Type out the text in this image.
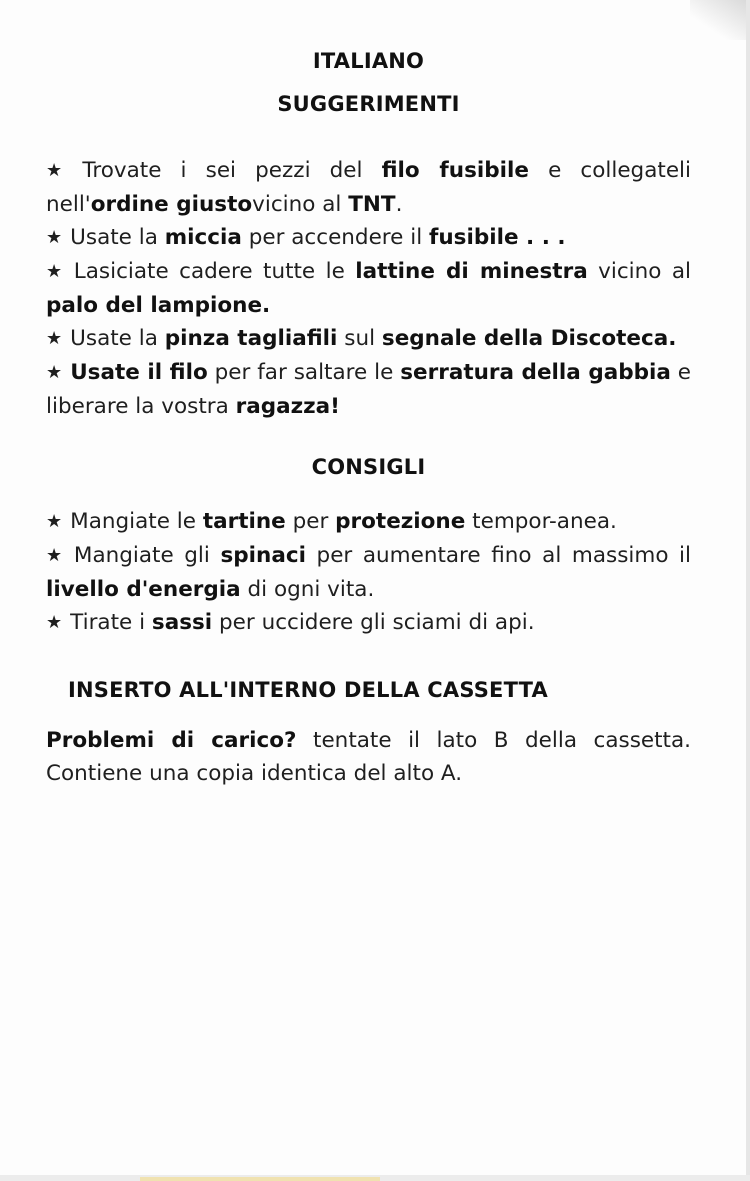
ITALIANO
SUGGERIMENTI

★ Trovate i sei pezzi del filo fusibile e collegateli nell'ordine giustovicino al TNT.

★ Usate la miccia per accendere il fusibile . . .

★ Lasiciate cadere tutte le lattine di minestra vicino al palo del lampione.

★ Usate la pinza tagliafili sul segnale della Discoteca.

★ Usate il filo per far saltare le serratura della gabbia e liberare la vostra ragazza!

CONSIGLI

★ Mangiate le tartine per protezione tempor-anea.

★ Mangiate gli spinaci per aumentare fino al massimo il livello d'energia di ogni vita.

★ Tirate i sassi per uccidere gli sciami di api.

INSERTO ALL'INTERNO DELLA CASSETTA

Problemi di carico? tentate il lato B della cassetta. Contiene una copia identica del alto A.
